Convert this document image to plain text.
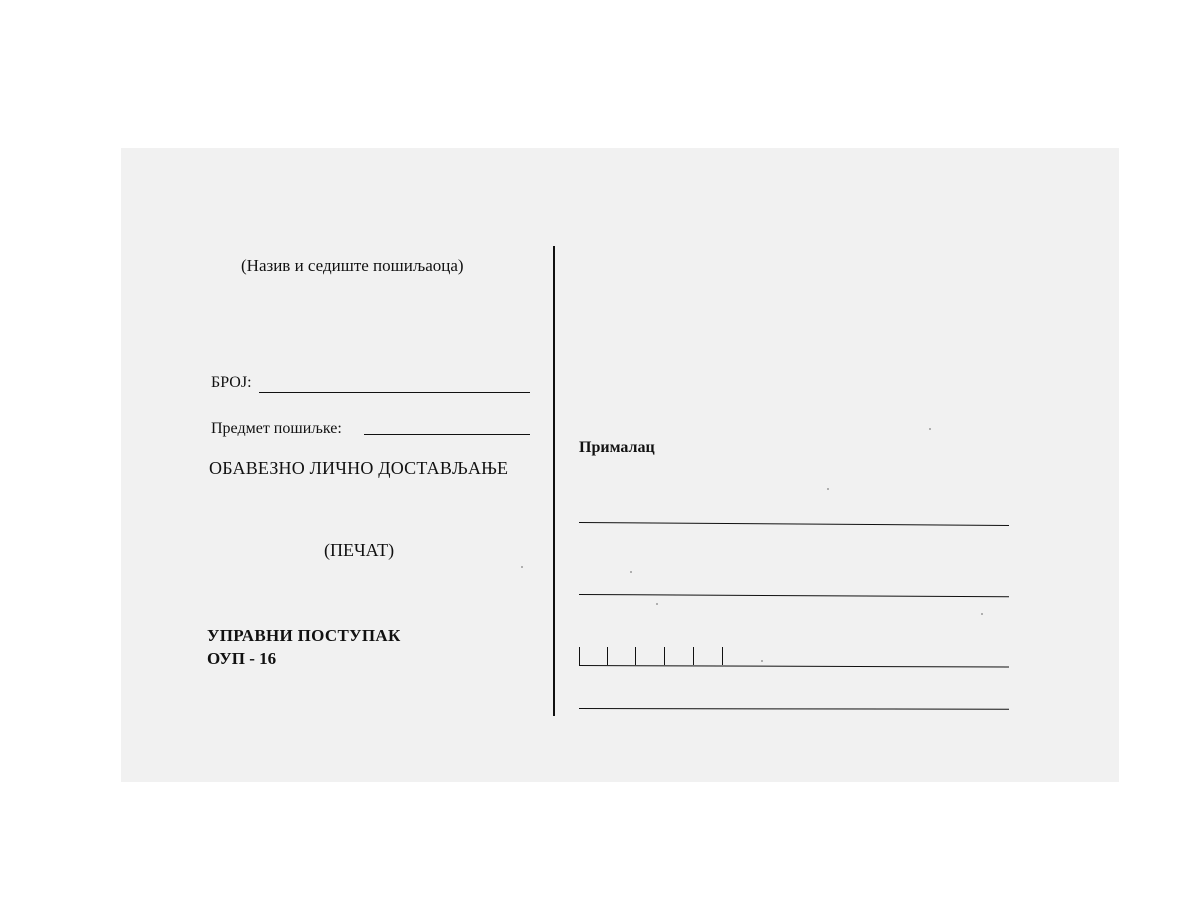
(Назив и седиште пошиљаоца)
БРОЈ:
Предмет пошиљке:
ОБАВЕЗНО ЛИЧНО ДОСТАВЉАЊЕ
(ПЕЧАТ)
УПРАВНИ ПОСТУПАК
ОУП - 16
Прималац
